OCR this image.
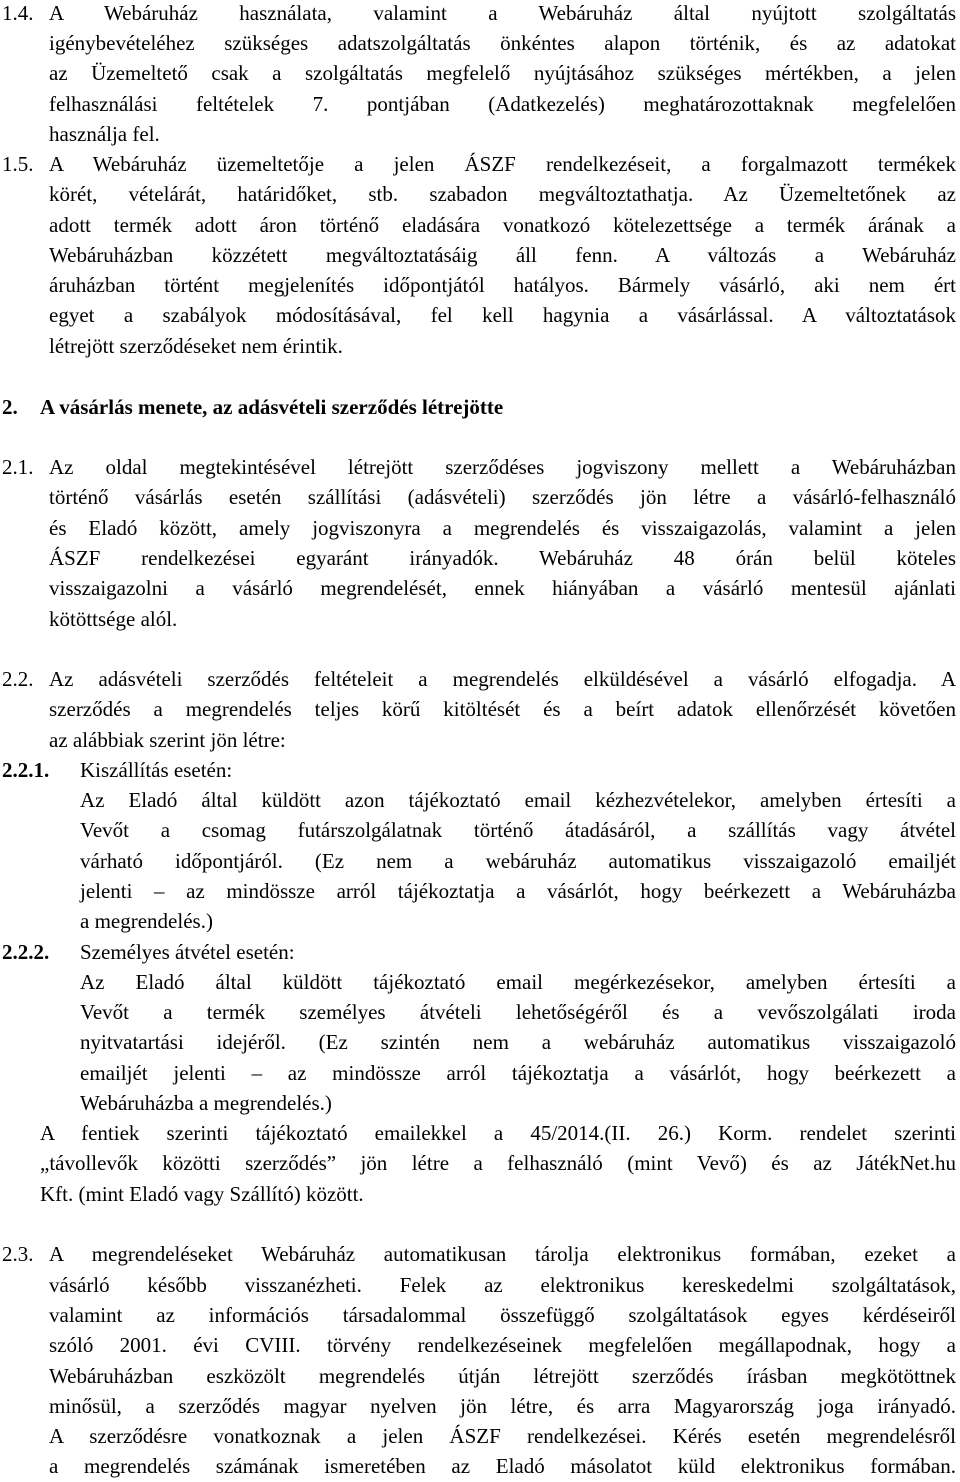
1.4. A Webáruház használata, valamint a Webáruház által nyújtott szolgáltatás
igénybevételéhez szükséges adatszolgáltatás önkéntes alapon történik, és az adatokat
az Üzemeltető csak a szolgáltatás megfelelő nyújtásához szükséges mértékben, a jelen
felhasználási feltételek 7. pontjában (Adatkezelés) meghatározottaknak megfelelően
használja fel.
1.5. A Webáruház üzemeltetője a jelen ÁSZF rendelkezéseit, a forgalmazott termékek
körét, vételárát, határidőket, stb. szabadon megváltoztathatja. Az Üzemeltetőnek az
adott termék adott áron történő eladására vonatkozó kötelezettsége a termék árának a
Webáruházban közzétett megváltoztatásáig áll fenn. A változás a Webáruház
áruházban történt megjelenítés időpontjától hatályos. Bármely vásárló, aki nem ért
egyet a szabályok módosításával, fel kell hagynia a vásárlással. A változtatások
létrejött szerződéseket nem érintik.
2. A vásárlás menete, az adásvételi szerződés létrejötte
2.1. Az oldal megtekintésével létrejött szerződéses jogviszony mellett a Webáruházban
történő vásárlás esetén szállítási (adásvételi) szerződés jön létre a vásárló-felhasználó
és Eladó között, amely jogviszonyra a megrendelés és visszaigazolás, valamint a jelen
ÁSZF rendelkezései egyaránt irányadók. Webáruház 48 órán belül köteles
visszaigazolni a vásárló megrendelését, ennek hiányában a vásárló mentesül ajánlati
kötöttsége alól.
2.2. Az adásvételi szerződés feltételeit a megrendelés elküldésével a vásárló elfogadja. A
szerződés a megrendelés teljes körű kitöltését és a beírt adatok ellenőrzését követően
az alábbiak szerint jön létre:
2.2.1. Kiszállítás esetén:
Az Eladó által küldött azon tájékoztató email kézhezvételekor, amelyben értesíti a
Vevőt a csomag futárszolgálatnak történő átadásáról, a szállítás vagy átvétel
várható időpontjáról. (Ez nem a webáruház automatikus visszaigazoló emailjét
jelenti – az mindössze arról tájékoztatja a vásárlót, hogy beérkezett a Webáruházba
a megrendelés.)
2.2.2. Személyes átvétel esetén:
Az Eladó által küldött tájékoztató email megérkezésekor, amelyben értesíti a
Vevőt a termék személyes átvételi lehetőségéről és a vevőszolgálati iroda
nyitvatartási idejéről. (Ez szintén nem a webáruház automatikus visszaigazoló
emailjét jelenti – az mindössze arról tájékoztatja a vásárlót, hogy beérkezett a
Webáruházba a megrendelés.)
A fentiek szerinti tájékoztató emailekkel a 45/2014.(II. 26.) Korm. rendelet szerinti
„távollevők közötti szerződés” jön létre a felhasználó (mint Vevő) és az JátékNet.hu
Kft. (mint Eladó vagy Szállító) között.
2.3. A megrendeléseket Webáruház automatikusan tárolja elektronikus formában, ezeket a
vásárló később visszanézheti. Felek az elektronikus kereskedelmi szolgáltatások,
valamint az információs társadalommal összefüggő szolgáltatások egyes kérdéseiről
szóló 2001. évi CVIII. törvény rendelkezéseinek megfelelően megállapodnak, hogy a
Webáruházban eszközölt megrendelés útján létrejött szerződés írásban megkötöttnek
minősül, a szerződés magyar nyelven jön létre, és arra Magyarország joga irányadó.
A szerződésre vonatkoznak a jelen ÁSZF rendelkezései. Kérés esetén megrendelésről
a megrendelés számának ismeretében az Eladó másolatot küld elektronikus formában.
